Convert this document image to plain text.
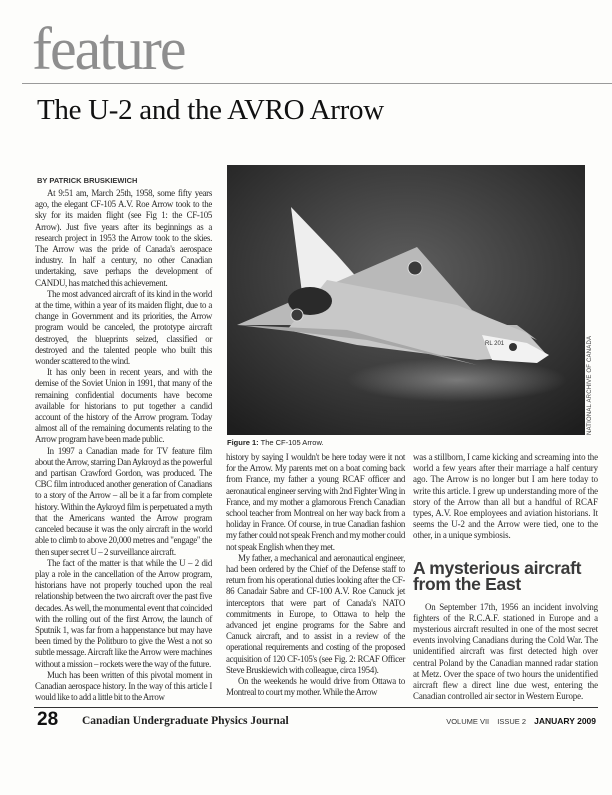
feature
The U-2 and the AVRO Arrow
BY PATRICK BRUSKIEWICH

At 9:51 am, March 25th, 1958, some fifty years ago, the elegant CF-105 A.V. Roe Arrow took to the sky for its maiden flight (see Fig 1: the CF-105 Arrow). Just five years after its beginnings as a research project in 1953 the Arrow took to the skies. The Arrow was the pride of Canada's aerospace industry. In half a century, no other Canadian undertaking, save perhaps the development of CANDU, has matched this achievement.

The most advanced aircraft of its kind in the world at the time, within a year of its maiden flight, due to a change in Government and its priorities, the Arrow program would be canceled, the prototype aircraft destroyed, the blueprints seized, classified or destroyed and the talented people who built this wonder scattered to the wind.

It has only been in recent years, and with the demise of the Soviet Union in 1991, that many of the remaining confidential documents have become available for historians to put together a candid account of the history of the Arrow program. Today almost all of the remaining documents relating to the Arrow program have been made public.

In 1997 a Canadian made for TV feature film about the Arrow, starring Dan Aykroyd as the powerful and partisan Crawford Gordon, was produced. The CBC film introduced another generation of Canadians to a story of the Arrow – all be it a far from complete history. Within the Aykroyd film is perpetuated a myth that the Americans wanted the Arrow program canceled because it was the only aircraft in the world able to climb to above 20,000 metres and "engage" the then super secret U – 2 surveillance aircraft.

The fact of the matter is that while the U – 2 did play a role in the cancellation of the Arrow program, historians have not properly touched upon the real relationship between the two aircraft over the past five decades. As well, the monumental event that coincided with the rolling out of the first Arrow, the launch of Sputnik 1, was far from a happenstance but may have been timed by the Politburo to give the West a not so subtle message. Aircraft like the Arrow were machines without a mission – rockets were the way of the future.

Much has been written of this pivotal moment in Canadian aerospace history. In the way of this article I would like to add a little bit to the Arrow

RL 201	NATIONAL ARCHIVE OF CANADA
Figure 1: The CF-105 Arrow.

history by saying I wouldn't be here today were it not for the Arrow. My parents met on a boat coming back from France, my father a young RCAF officer and aeronautical engineer serving with 2nd Fighter Wing in France, and my mother a glamorous French Canadian school teacher from Montreal on her way back from a holiday in France. Of course, in true Canadian fashion my father could not speak French and my mother could not speak English when they met.

My father, a mechanical and aeronautical engineer, had been ordered by the Chief of the Defense staff to return from his operational duties looking after the CF-86 Canadair Sabre and CF-100 A.V. Roe Canuck jet interceptors that were part of Canada's NATO commitments in Europe, to Ottawa to help the advanced jet engine programs for the Sabre and Canuck aircraft, and to assist in a review of the operational requirements and costing of the proposed acquisition of 120 CF-105's (see Fig. 2: RCAF Officer Steve Bruskiewich with colleague, circa 1954).

On the weekends he would drive from Ottawa to Montreal to court my mother. While the Arrow

was a stillborn, I came kicking and screaming into the world a few years after their marriage a half century ago. The Arrow is no longer but I am here today to write this article. I grew up understanding more of the story of the Arrow than all but a handful of RCAF types, A.V. Roe employees and aviation historians. It seems the U-2 and the Arrow were tied, one to the other, in a unique symbiosis.

A mysterious aircraft from the East

On September 17th, 1956 an incident involving fighters of the R.C.A.F. stationed in Europe and a mysterious aircraft resulted in one of the most secret events involving Canadians during the Cold War. The unidentified aircraft was first detected high over central Poland by the Canadian manned radar station at Metz. Over the space of two hours the unidentified aircraft flew a direct line due west, entering the Canadian controlled air sector in Western Europe.

28 Canadian Undergraduate Physics Journal	VOLUME VII ISSUE 2 JANUARY 2009
